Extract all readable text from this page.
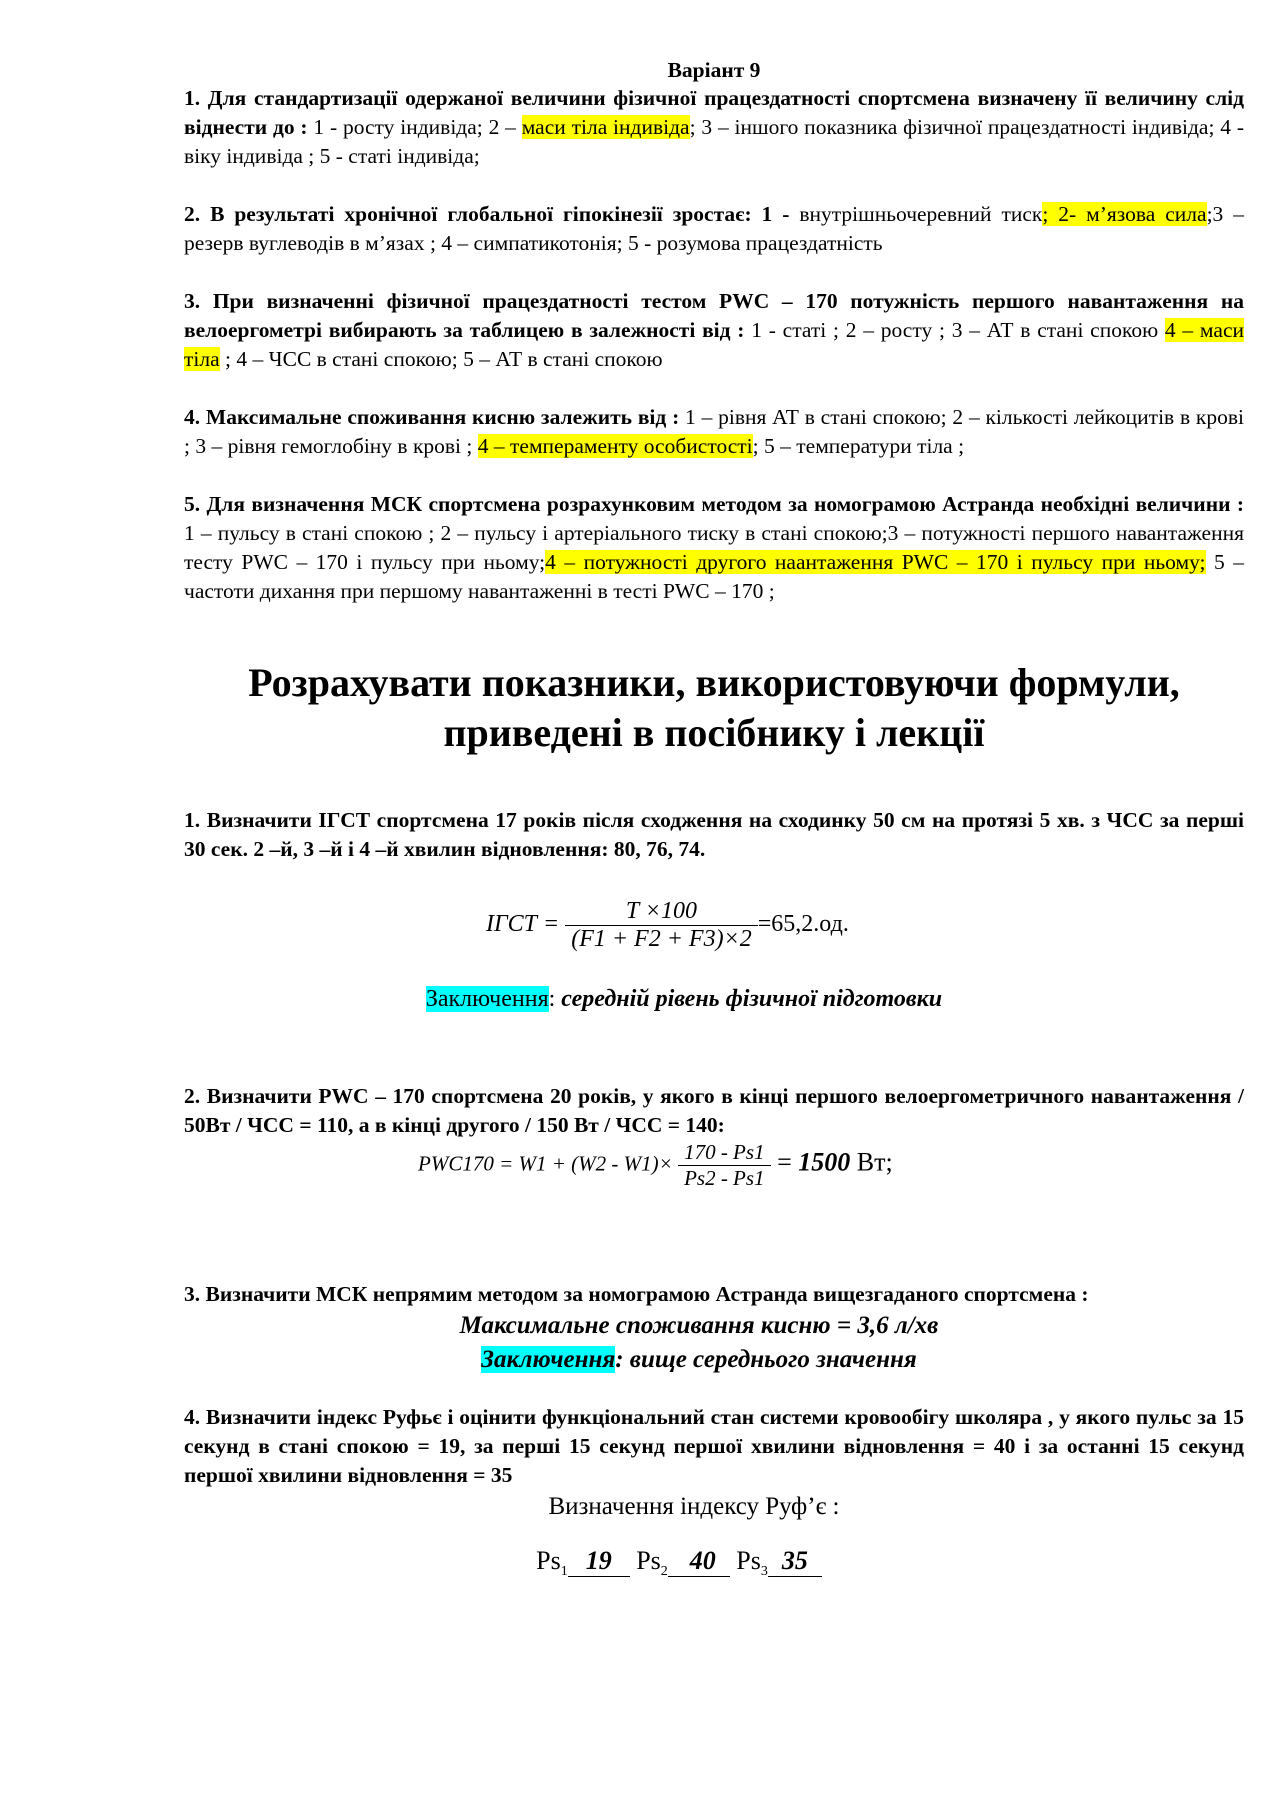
Варіант 9

1. Для стандартизації одержаної величини фізичної працездатності спортсмена визначену її величину слід віднести до : 1 - росту індивіда; 2 – маси тіла індивіда; 3 – іншого показника фізичної працездатності індивіда; 4 - віку індивіда ; 5 - статі індивіда;

2. В результаті хронічної глобальної гіпокінезії зростає: 1 - внутрішньочеревний тиск; 2- м’язова сила;3 – резерв вуглеводів в м’язах ; 4 – симпатикотонія; 5 - розумова працездатність

3. При визначенні фізичної працездатності тестом PWC – 170 потужність першого навантаження на велоергометрі вибирають за таблицею в залежності від : 1 - статі ; 2 – росту ; 3 – АТ в стані спокою 4 – маси тіла ; 4 – ЧСС в стані спокою; 5 – АТ в стані спокою

4. Максимальне споживання кисню залежить від : 1 – рівня АТ в стані спокою; 2 – кількості лейкоцитів в крові ; 3 – рівня гемоглобіну в крові ; 4 – темпераменту особистості; 5 – температури тіла ;

5. Для визначення МСК спортсмена розрахунковим методом за номограмою Астранда необхідні величини : 1 – пульсу в стані спокою ; 2 – пульсу і артеріального тиску в стані спокою;3 – потужності першого навантаження тесту PWC – 170 і пульсу при ньому;4 – потужності другого наантаження PWC – 170 і пульсу при ньому; 5 – частоти дихання при першому навантаженні в тесті PWC – 170 ;

Розрахувати показники, використовуючи формули, приведені в посібнику і лекції

1. Визначити ІГСТ спортсмена 17 років після сходження на сходинку 50 см на протязі 5 хв. з ЧСС за перші 30 сек. 2 –й, 3 –й і 4 –й хвилин відновлення: 80, 76, 74.

ІГСТ = $\frac{T \times 100}{(F1 + F2 + F3)\times 2} =65,2.од$.

Заключення: середній рівень фізичної підготовки

2. Визначити PWC – 170 спортсмена 20 років, у якого в кінці першого велоергометричного навантаження / 50Вт / ЧСС = 110, а в кінці другого / 150 Вт / ЧСС = 140:

$PWC170 = W1 + (W2 - W1)\times \frac{170 - Ps1}{Ps2 - Ps1} = 1500$ Вт;

3. Визначити МСК непрямим методом за номограмою Астранда вищезгаданого спортсмена :

Максимальне споживання кисню = 3,6 л/хв

Заключення: вище середнього значення

4. Визначити індекс Руфьє і оцінити функціональний стан системи кровообігу школяра , у якого пульс за 15 секунд в стані спокою = 19, за перші 15 секунд першої хвилини відновлення = 40 і за останні 15 секунд першої хвилини відновлення = 35

Визначення індексу Руф’є :

$Ps_1$ 19 $Ps_2$ 40 $Ps_3$ 35
